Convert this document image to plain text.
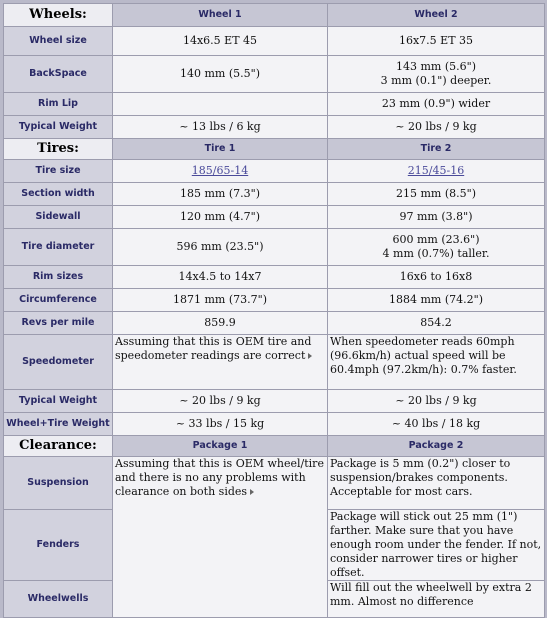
Wheels:	Wheel 1	Wheel 2
Wheel size	14x6.5 ET 45	16x7.5 ET 35
BackSpace	140 mm (5.5")	143 mm (5.6")
3 mm (0.1") deeper.

Rim Lip		23 mm (0.9") wider
Typical Weight	~ 13 lbs / 6 kg	~ 20 lbs / 9 kg
Tires:	Tire 1	Tire 2
Tire size	185/65-14	215/45-16
Section width	185 mm (7.3")	215 mm (8.5")
Sidewall	120 mm (4.7")	97 mm (3.8")
Tire diameter	596 mm (23.5")	600 mm (23.6")
4 mm (0.7%) taller.

Rim sizes	14x4.5 to 14x7	16x6 to 16x8
Circumference	1871 mm (73.7")	1884 mm (74.2")
Revs per mile	859.9	854.2
Speedometer	Assuming that this is OEM tire and speedometer readings are correct	When speedometer reads 60mph (96.6km/h) actual speed will be 60.4mph (97.2km/h): 0.7% faster.
Typical Weight	~ 20 lbs / 9 kg	~ 20 lbs / 9 kg
Wheel+Tire Weight	~ 33 lbs / 15 kg	~ 40 lbs / 18 kg
Clearance:	Package 1	Package 2
Suspension	Assuming that this is OEM wheel/tire and there is no any problems with clearance on both sides	Package is 5 mm (0.2") closer to suspension/brakes components. Acceptable for most cars.
Fenders		Package will stick out 25 mm (1") farther. Make sure that you have enough room under the fender. If not, consider narrower tires or higher offset.
Wheelwells		Will fill out the wheelwell by extra 2 mm. Almost no difference
